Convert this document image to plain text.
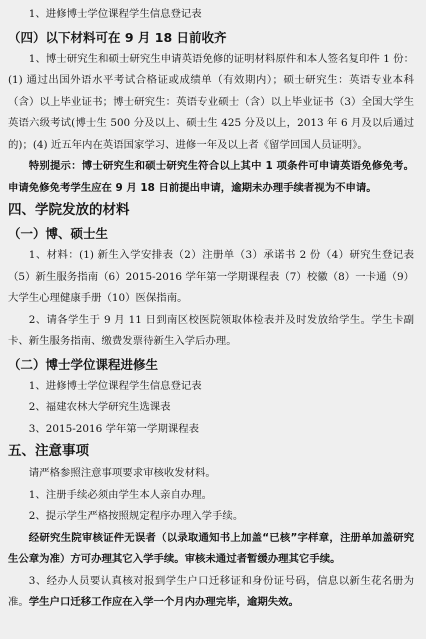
1、进修博士学位课程学生信息登记表

（四）以下材料可在 9 月 18 日前收齐

1、博士研究生和硕士研究生申请英语免修的证明材料原件和本人签名复印件 1 份：(1) 通过出国外语水平考试合格证或成绩单（有效期内）；硕士研究生：英语专业本科（含）以上毕业证书；博士研究生：英语专业硕士（含）以上毕业证书（3）全国大学生英语六级考试(博士生 500 分及以上、硕士生 425 分及以上，2013 年 6 月及以后通过的)；(4) 近五年内在英语国家学习、进修一年及以上者《留学回国人员证明》。

特别提示：博士研究生和硕士研究生符合以上其中 1 项条件可申请英语免修免考。申请免修免考学生应在 9 月 18 日前提出申请，逾期未办理手续者视为不申请。

四、学院发放的材料

（一）博、硕士生

1、材料：(1) 新生入学安排表（2）注册单（3）承诺书 2 份（4）研究生登记表（5）新生服务指南（6）2015-2016 学年第一学期课程表（7）校徽（8）一卡通（9）大学生心理健康手册（10）医保指南。

2、请各学生于 9 月 11 日到南区校医院领取体检表并及时发放给学生。学生卡副卡、新生服务指南、缴费发票待新生入学后办理。

（二）博士学位课程进修生

1、进修博士学位课程学生信息登记表

2、福建农林大学研究生选课表

3、2015-2016 学年第一学期课程表

五、注意事项

请严格参照注意事项要求审核收发材料。

1、注册手续必须由学生本人亲自办理。

2、提示学生严格按照规定程序办理入学手续。

经研究生院审核证件无误者（以录取通知书上加盖“已核”字样章，注册单加盖研究生公章为准）方可办理其它入学手续。审核未通过者暂缓办理其它手续。

3、经办人员要认真核对报到学生户口迁移证和身份证号码，信息以新生花名册为准。学生户口迁移工作应在入学一个月内办理完毕，逾期失效。
